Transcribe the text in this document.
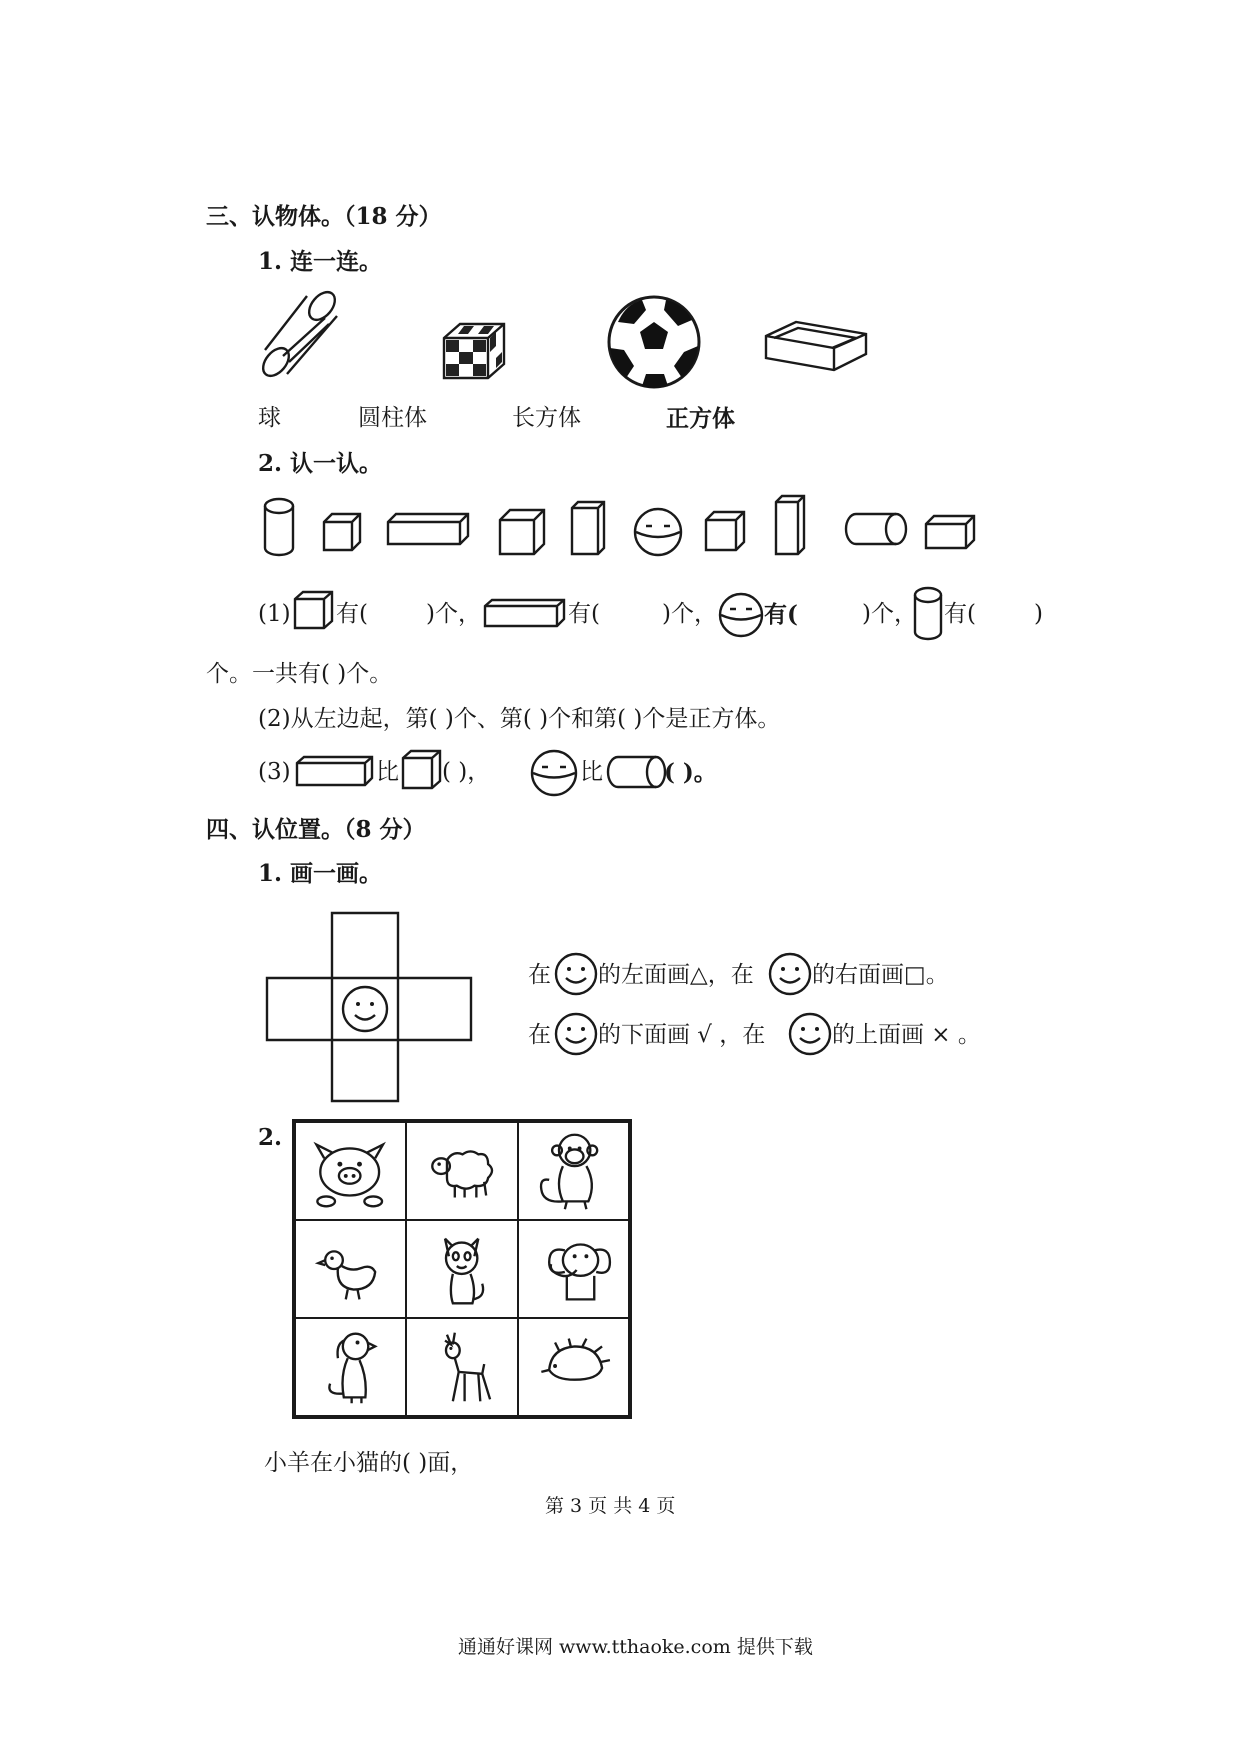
三、认物体。（18 分）
1. 连一连。
球	圆柱体	长方体	正方体
2. 认一认。
(1) 有(	)个，	有(	)个， 有(	)个， 有(	)
个。一共有( )个。
(2)从左边起，第( )个、第( )个和第( )个是正方体。
(3)	比 ( )，	比	( )。
四、认位置。（8 分）
1. 画一画。
在 的左面画△，在	的右面画□。
在 的下面画 √ ，在	的上面画 × 。
2.
小羊在小猫的( )面，
第 3 页 共 4 页
通通好课网 www.tthaoke.com 提供下载
